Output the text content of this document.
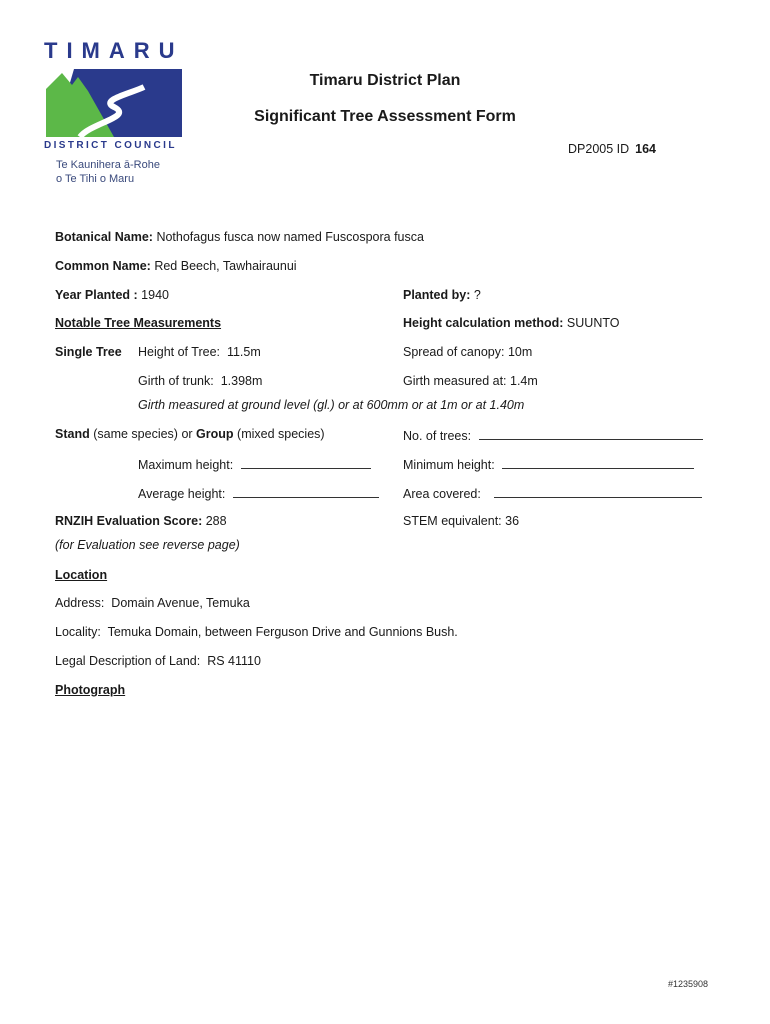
TIMARU
DISTRICT COUNCIL
Te Kaunihera ā-Rohe
o Te Tihi o Maru
Timaru District Plan
Significant Tree Assessment Form
DP2005 ID 164
Botanical Name: Nothofagus fusca now named Fuscospora fusca
Common Name: Red Beech, Tawhairaunui
Year Planted : 1940	Planted by: ?
Notable Tree Measurements	Height calculation method: SUUNTO
Single Tree Height of Tree: 11.5m	Spread of canopy: 10m
Girth of trunk: 1.398m	Girth measured at: 1.4m
Girth measured at ground level (gl.) or at 600mm or at 1m or at 1.40m
Stand (same species) or Group (mixed species)	No. of trees:
Maximum height:	Minimum height:
Average height:	Area covered:
RNZIH Evaluation Score: 288	STEM equivalent: 36
(for Evaluation see reverse page)
Location
Address: Domain Avenue, Temuka
Locality: Temuka Domain, between Ferguson Drive and Gunnions Bush.
Legal Description of Land: RS 41110
Photograph
#1235908
